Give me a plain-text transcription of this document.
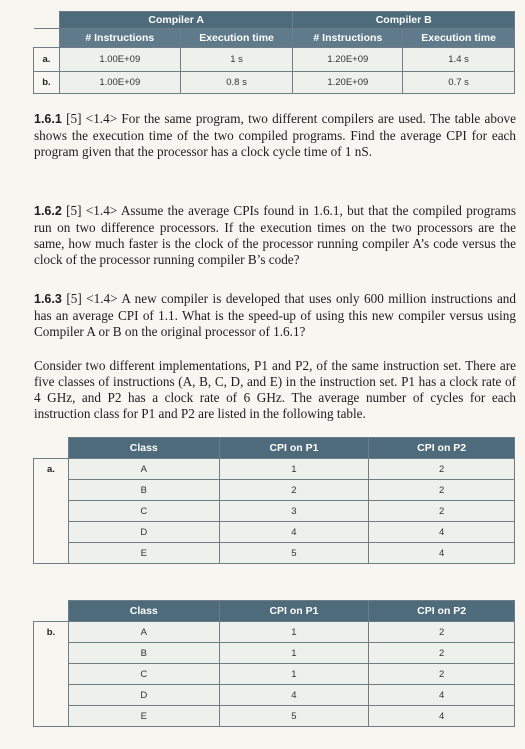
	Compiler A		Compiler B	
	# Instructions	Execution time	# Instructions	Execution time
a.	1.00E+09	1 s	1.20E+09	1.4 s
b.	1.00E+09	0.8 s	1.20E+09	0.7 s

1.6.1 [5] <1.4> For the same program, two different compilers are used. The table above shows the execution time of the two compiled programs. Find the average CPI for each program given that the processor has a clock cycle time of 1 nS.

1.6.2 [5] <1.4> Assume the average CPIs found in 1.6.1, but that the compiled programs run on two difference processors. If the execution times on the two processors are the same, how much faster is the clock of the processor running compiler A’s code versus the clock of the processor running compiler B’s code?

1.6.3 [5] <1.4> A new compiler is developed that uses only 600 million instructions and has an average CPI of 1.1. What is the speed-up of using this new compiler versus using Compiler A or B on the original processor of 1.6.1?

Consider two different implementations, P1 and P2, of the same instruction set. There are five classes of instructions (A, B, C, D, and E) in the instruction set. P1 has a clock rate of 4 GHz, and P2 has a clock rate of 6 GHz. The average number of cycles for each instruction class for P1 and P2 are listed in the following table.

	Class	CPI on P1	CPI on P2
a.	A	1	2
	B	2	2
	C	3	2
	D	4	4
	E	5	4
	Class	CPI on P1	CPI on P2
b.	A	1	2
	B	1	2
	C	1	2
	D	4	4
	E	5	4
